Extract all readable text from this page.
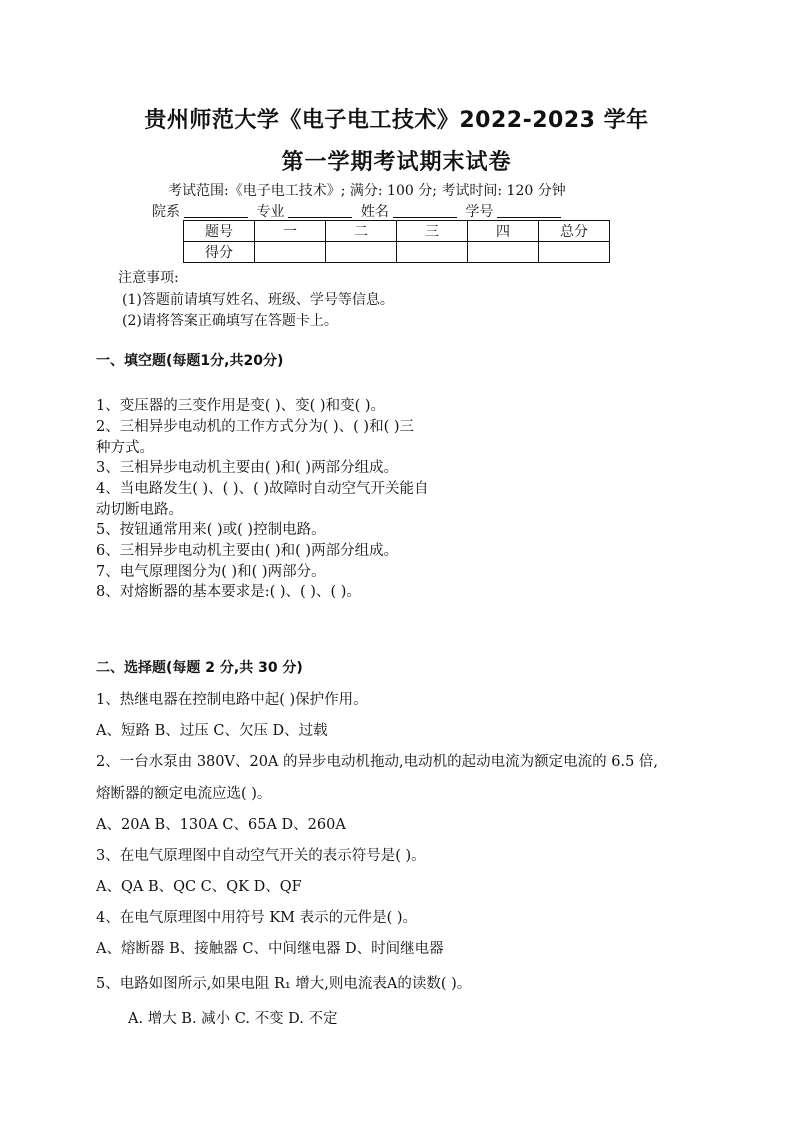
贵州师范大学《电子电工技术》2022-2023 学年
第一学期考试期末试卷
考试范围:《电子电工技术》; 满分: 100 分; 考试时间: 120 分钟
院系	专业	姓名	学号
题号	一	二	三	四	总分
得分					
注意事项:
(1)答题前请填写姓名、班级、学号等信息。
(2)请将答案正确填写在答题卡上。
一、填空题(每题1分,共20分)
1、变压器的三变作用是变( )、变( )和变( )。
2、三相异步电动机的工作方式分为( )、( )和( )三
种方式。
3、三相异步电动机主要由( )和( )两部分组成。
4、当电路发生( )、( )、( )故障时自动空气开关能自
动切断电路。
5、按钮通常用来( )或( )控制电路。
6、三相异步电动机主要由( )和( )两部分组成。
7、电气原理图分为( )和( )两部分。
8、对熔断器的基本要求是:( )、( )、( )。
二、选择题(每题 2 分,共 30 分)
1、热继电器在控制电路中起( )保护作用。
A、短路 B、过压 C、欠压 D、过载
2、一台水泵由 380V、20A 的异步电动机拖动,电动机的起动电流为额定电流的 6.5 倍,
熔断器的额定电流应选( )。
A、20A B、130A C、65A D、260A
3、在电气原理图中自动空气开关的表示符号是( )。
A、QA B、QC C、QK D、QF
4、在电气原理图中用符号 KM 表示的元件是( )。
A、熔断器 B、接触器 C、中间继电器 D、时间继电器
5、电路如图所示,如果电阻 R₁ 增大,则电流表A的读数( )。
A. 增大 B. 减小 C. 不变 D. 不定
